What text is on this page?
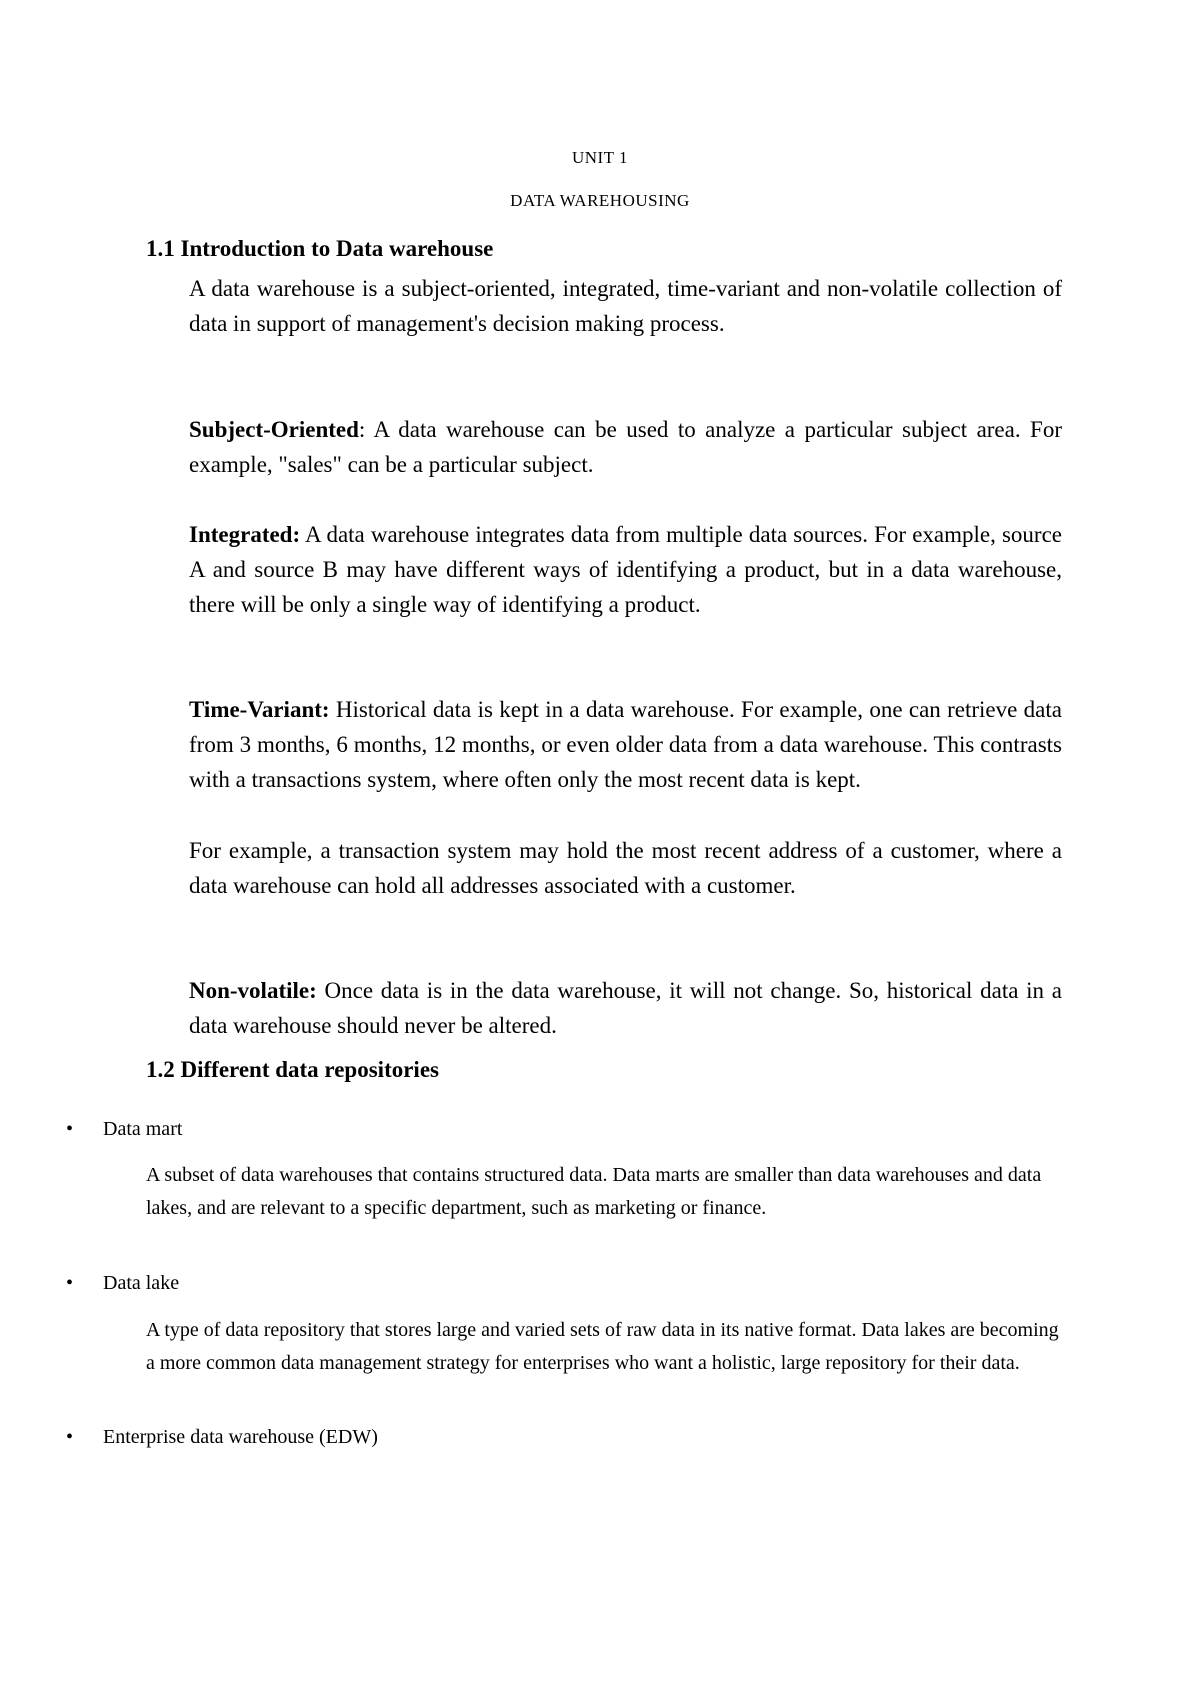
UNIT 1
DATA WAREHOUSING
1.1 Introduction to Data warehouse

A data warehouse is a subject-oriented, integrated, time-variant and non-volatile collection of data in support of management's decision making process.

Subject-Oriented: A data warehouse can be used to analyze a particular subject area. For example, "sales" can be a particular subject.

Integrated: A data warehouse integrates data from multiple data sources. For example, source A and source B may have different ways of identifying a product, but in a data warehouse, there will be only a single way of identifying a product.

Time-Variant: Historical data is kept in a data warehouse. For example, one can retrieve data from 3 months, 6 months, 12 months, or even older data from a data warehouse. This contrasts with a transactions system, where often only the most recent data is kept.

For example, a transaction system may hold the most recent address of a customer, where a data warehouse can hold all addresses associated with a customer.

Non-volatile: Once data is in the data warehouse, it will not change. So, historical data in a data warehouse should never be altered.

1.2 Different data repositories

• Data mart

A subset of data warehouses that contains structured data. Data marts are smaller than data warehouses and data lakes, and are relevant to a specific department, such as marketing or finance.

• Data lake

A type of data repository that stores large and varied sets of raw data in its native format. Data lakes are becoming a more common data management strategy for enterprises who want a holistic, large repository for their data.

• Enterprise data warehouse (EDW)
